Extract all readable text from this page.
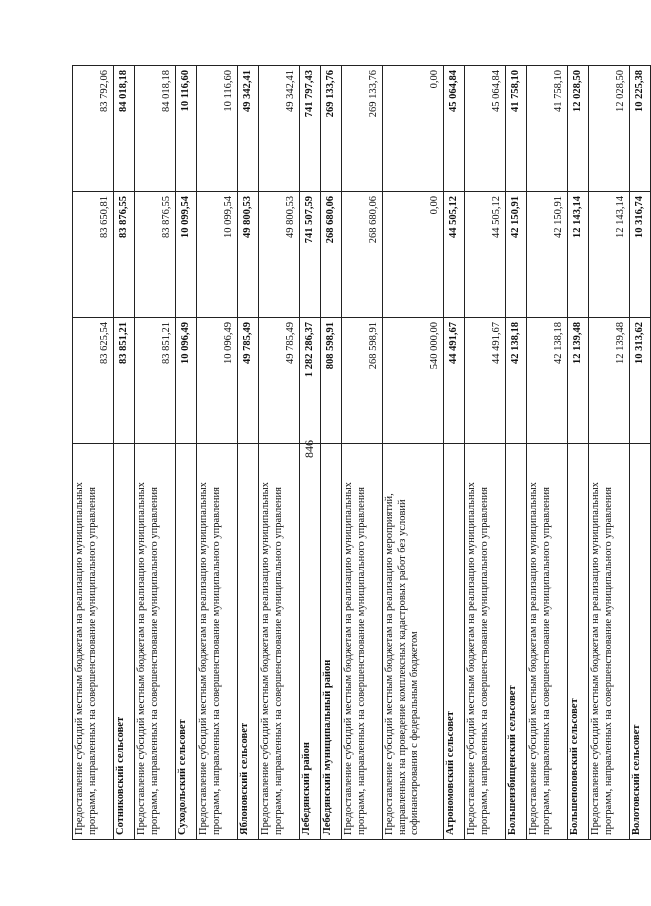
846
Предоставление субсидий местным бюджетам на реализацию муниципальных программ, направленных на совершенствование муниципального управления	83 625,54	83 650,81	83 792,06
Сотниковский сельсовет	83 851,21	83 876,55	84 018,18
Предоставление субсидий местным бюджетам на реализацию муниципальных программ, направленных на совершенствование муниципального управления	83 851,21	83 876,55	84 018,18
Суходольский сельсовет	10 096,49	10 099,54	10 116,60
Предоставление субсидий местным бюджетам на реализацию муниципальных программ, направленных на совершенствование муниципального управления	10 096,49	10 099,54	10 116,60
Яблоновский сельсовет	49 785,49	49 800,53	49 342,41
Предоставление субсидий местным бюджетам на реализацию муниципальных программ, направленных на совершенствование муниципального управления	49 785,49	49 800,53	49 342,41
Лебедянский район	1 282 286,37	741 507,59	741 797,43
Лебедянский муниципальный район	808 598,91	268 680,06	269 133,76
Предоставление субсидий местным бюджетам на реализацию муниципальных программ, направленных на совершенствование муниципального управления	268 598,91	268 680,06	269 133,76
Предоставление субсидий местным бюджетам на реализацию мероприятий, направленных на проведение комплексных кадастровых работ без условий софинансирования с федеральным бюджетом	540 000,00	0,00	0,00
Агрономовский сельсовет	44 491,67	44 505,12	45 064,84
Предоставление субсидий местным бюджетам на реализацию муниципальных программ, направленных на совершенствование муниципального управления	44 491,67	44 505,12	45 064,84
Большеизбищенский сельсовет	42 138,18	42 150,91	41 758,10
Предоставление субсидий местным бюджетам на реализацию муниципальных программ, направленных на совершенствование муниципального управления	42 138,18	42 150,91	41 758,10
Большепоповский сельсовет	12 139,48	12 143,14	12 028,50
Предоставление субсидий местным бюджетам на реализацию муниципальных программ, направленных на совершенствование муниципального управления	12 139,48	12 143,14	12 028,50
Волотовский сельсовет	10 313,62	10 316,74	10 225,38
